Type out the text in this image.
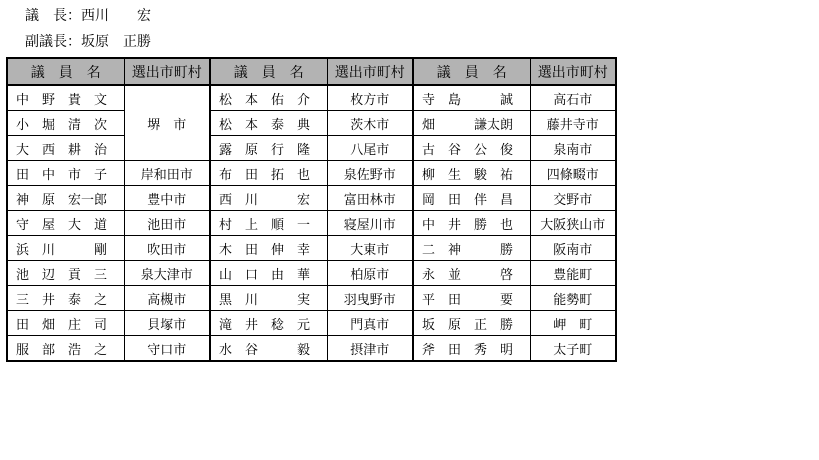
議　長：西川　　宏
副議長：坂原　正勝
議　員　名	選出市町村	議　員　名	選出市町村	議　員　名	選出市町村
中　野　貴　文	堺　市	松　本　佑　介	枚方市	寺　島　　　誠	高石市
小　堀　清　次		松　本　泰　典	茨木市	畑　　　謙太朗	藤井寺市
大　西　耕　治		露　原　行　隆	八尾市	古　谷　公　俊	泉南市
田　中　市　子	岸和田市	布　田　拓　也	泉佐野市	柳　生　駿　祐	四條畷市
神　原　宏一郎	豊中市	西　川　　　宏	富田林市	岡　田　伴　昌	交野市
守　屋　大　道	池田市	村　上　順　一	寝屋川市	中　井　勝　也	大阪狭山市
浜　川　　　剛	吹田市	木　田　伸　幸	大東市	二　神　　　勝	阪南市
池　辺　貢　三	泉大津市	山　口　由　華	柏原市	永　並　　　啓	豊能町
三　井　泰　之	高槻市	黒　川　　　実	羽曳野市	平　田　　　要	能勢町
田　畑　庄　司	貝塚市	滝　井　稔　元	門真市	坂　原　正　勝	岬　町
服　部　浩　之	守口市	水　谷　　　毅	摂津市	斧　田　秀　明	太子町
